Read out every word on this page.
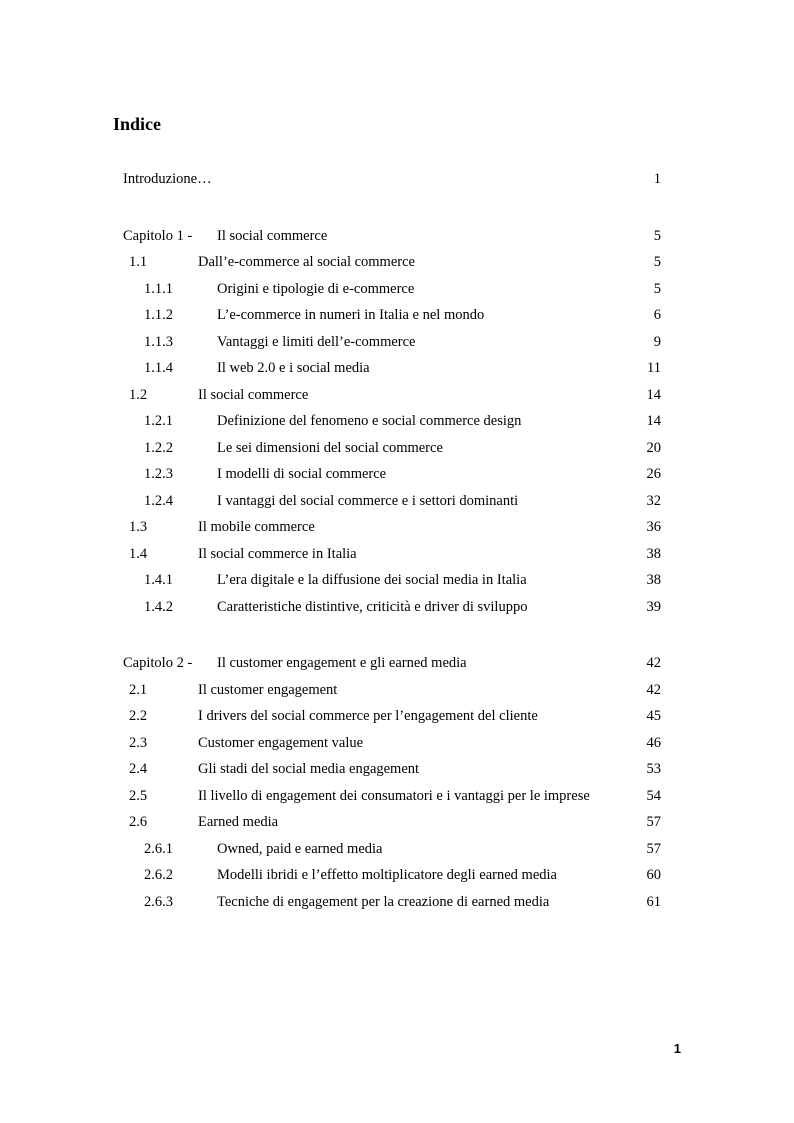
Indice
Introduzione…	1
Capitolo 1 - Il social commerce	5
1.1	Dall’e-commerce al social commerce	5
1.1.1	Origini e tipologie di e-commerce	5
1.1.2	L’e-commerce in numeri in Italia e nel mondo	6
1.1.3	Vantaggi e limiti dell’e-commerce	9
1.1.4	Il web 2.0 e i social media	11
1.2	Il social commerce	14
1.2.1	Definizione del fenomeno e social commerce design	14
1.2.2	Le sei dimensioni del social commerce	20
1.2.3	I modelli di social commerce	26
1.2.4	I vantaggi del social commerce e i settori dominanti	32
1.3	Il mobile commerce	36
1.4	Il social commerce in Italia	38
1.4.1	L’era digitale e la diffusione dei social media in Italia	38
1.4.2	Caratteristiche distintive, criticità e driver di sviluppo	39
Capitolo 2 - Il customer engagement e gli earned media	42
2.1	Il customer engagement	42
2.2	I drivers del social commerce per l’engagement del cliente	45
2.3	Customer engagement value	46
2.4	Gli stadi del social media engagement	53
2.5	Il livello di engagement dei consumatori e i vantaggi per le imprese	54
2.6	Earned media	57
2.6.1	Owned, paid e earned media	57
2.6.2	Modelli ibridi e l’effetto moltiplicatore degli earned media	60
2.6.3	Tecniche di engagement per la creazione di earned media	61
1
